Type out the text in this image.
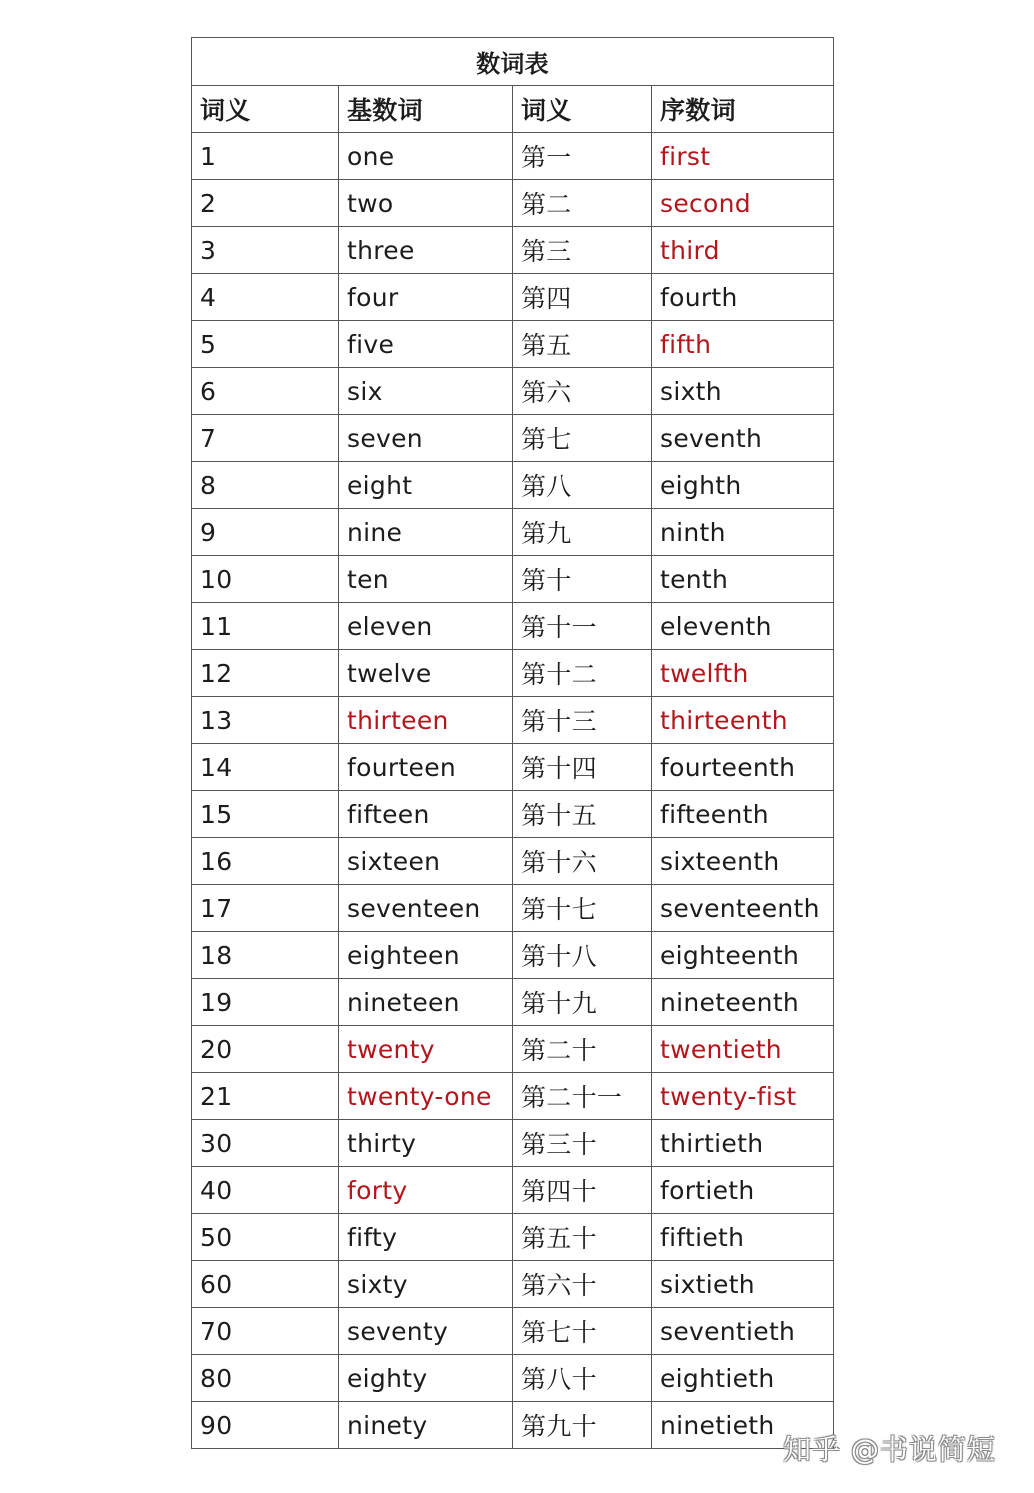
数词表			
词义	基数词	词义	序数词
1	one	第一	first
2	two	第二	second
3	three	第三	third
4	four	第四	fourth
5	five	第五	fifth
6	six	第六	sixth
7	seven	第七	seventh
8	eight	第八	eighth
9	nine	第九	ninth
10	ten	第十	tenth
11	eleven	第十一	eleventh
12	twelve	第十二	twelfth
13	thirteen	第十三	thirteenth
14	fourteen	第十四	fourteenth
15	fifteen	第十五	fifteenth
16	sixteen	第十六	sixteenth
17	seventeen	第十七	seventeenth
18	eighteen	第十八	eighteenth
19	nineteen	第十九	nineteenth
20	twenty	第二十	twentieth
21	twenty-one	第二十一	twenty-fist
30	thirty	第三十	thirtieth
40	forty	第四十	fortieth
50	fifty	第五十	fiftieth
60	sixty	第六十	sixtieth
70	seventy	第七十	seventieth
80	eighty	第八十	eightieth
90	ninety	第九十	ninetieth
知乎 @书说简短
